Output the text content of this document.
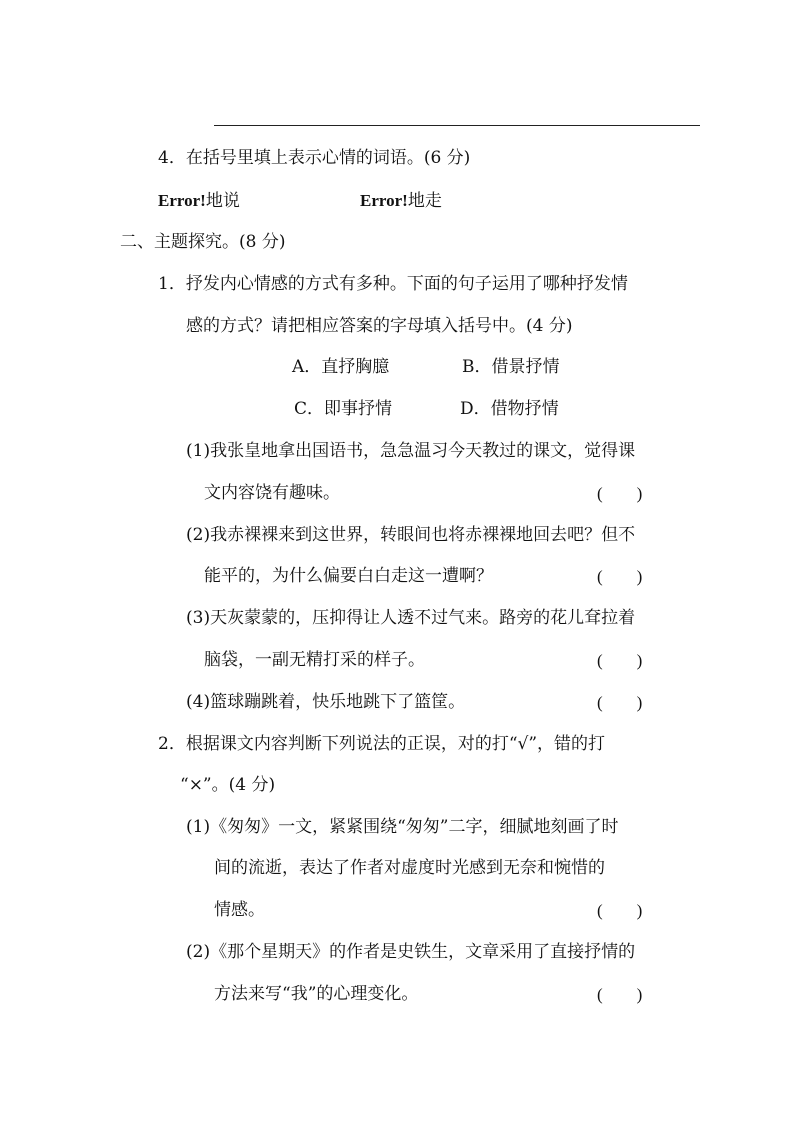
4．在括号里填上表示心情的词语。(6 分)
Error!地说	Error!地走
二、主题探究。(8 分)
1．抒发内心情感的方式有多种。下面的句子运用了哪种抒发情
感的方式？请把相应答案的字母填入括号中。(4 分)
A．直抒胸臆	B．借景抒情
C．即事抒情	D．借物抒情
(1)我张皇地拿出国语书，急急温习今天教过的课文，觉得课
文内容饶有趣味。	(　　)
(2)我赤裸裸来到这世界，转眼间也将赤裸裸地回去吧？但不
能平的，为什么偏要白白走这一遭啊？	(　　)
(3)天灰蒙蒙的，压抑得让人透不过气来。路旁的花儿耷拉着
脑袋，一副无精打采的样子。	(　　)
(4)篮球蹦跳着，快乐地跳下了篮筐。	(　　)
2．根据课文内容判断下列说法的正误，对的打“√”，错的打
“×”。(4 分)
(1)《匆匆》一文，紧紧围绕“匆匆”二字，细腻地刻画了时
间的流逝，表达了作者对虚度时光感到无奈和惋惜的
情感。	(　　)
(2)《那个星期天》的作者是史铁生，文章采用了直接抒情的
方法来写“我”的心理变化。	(　　)
